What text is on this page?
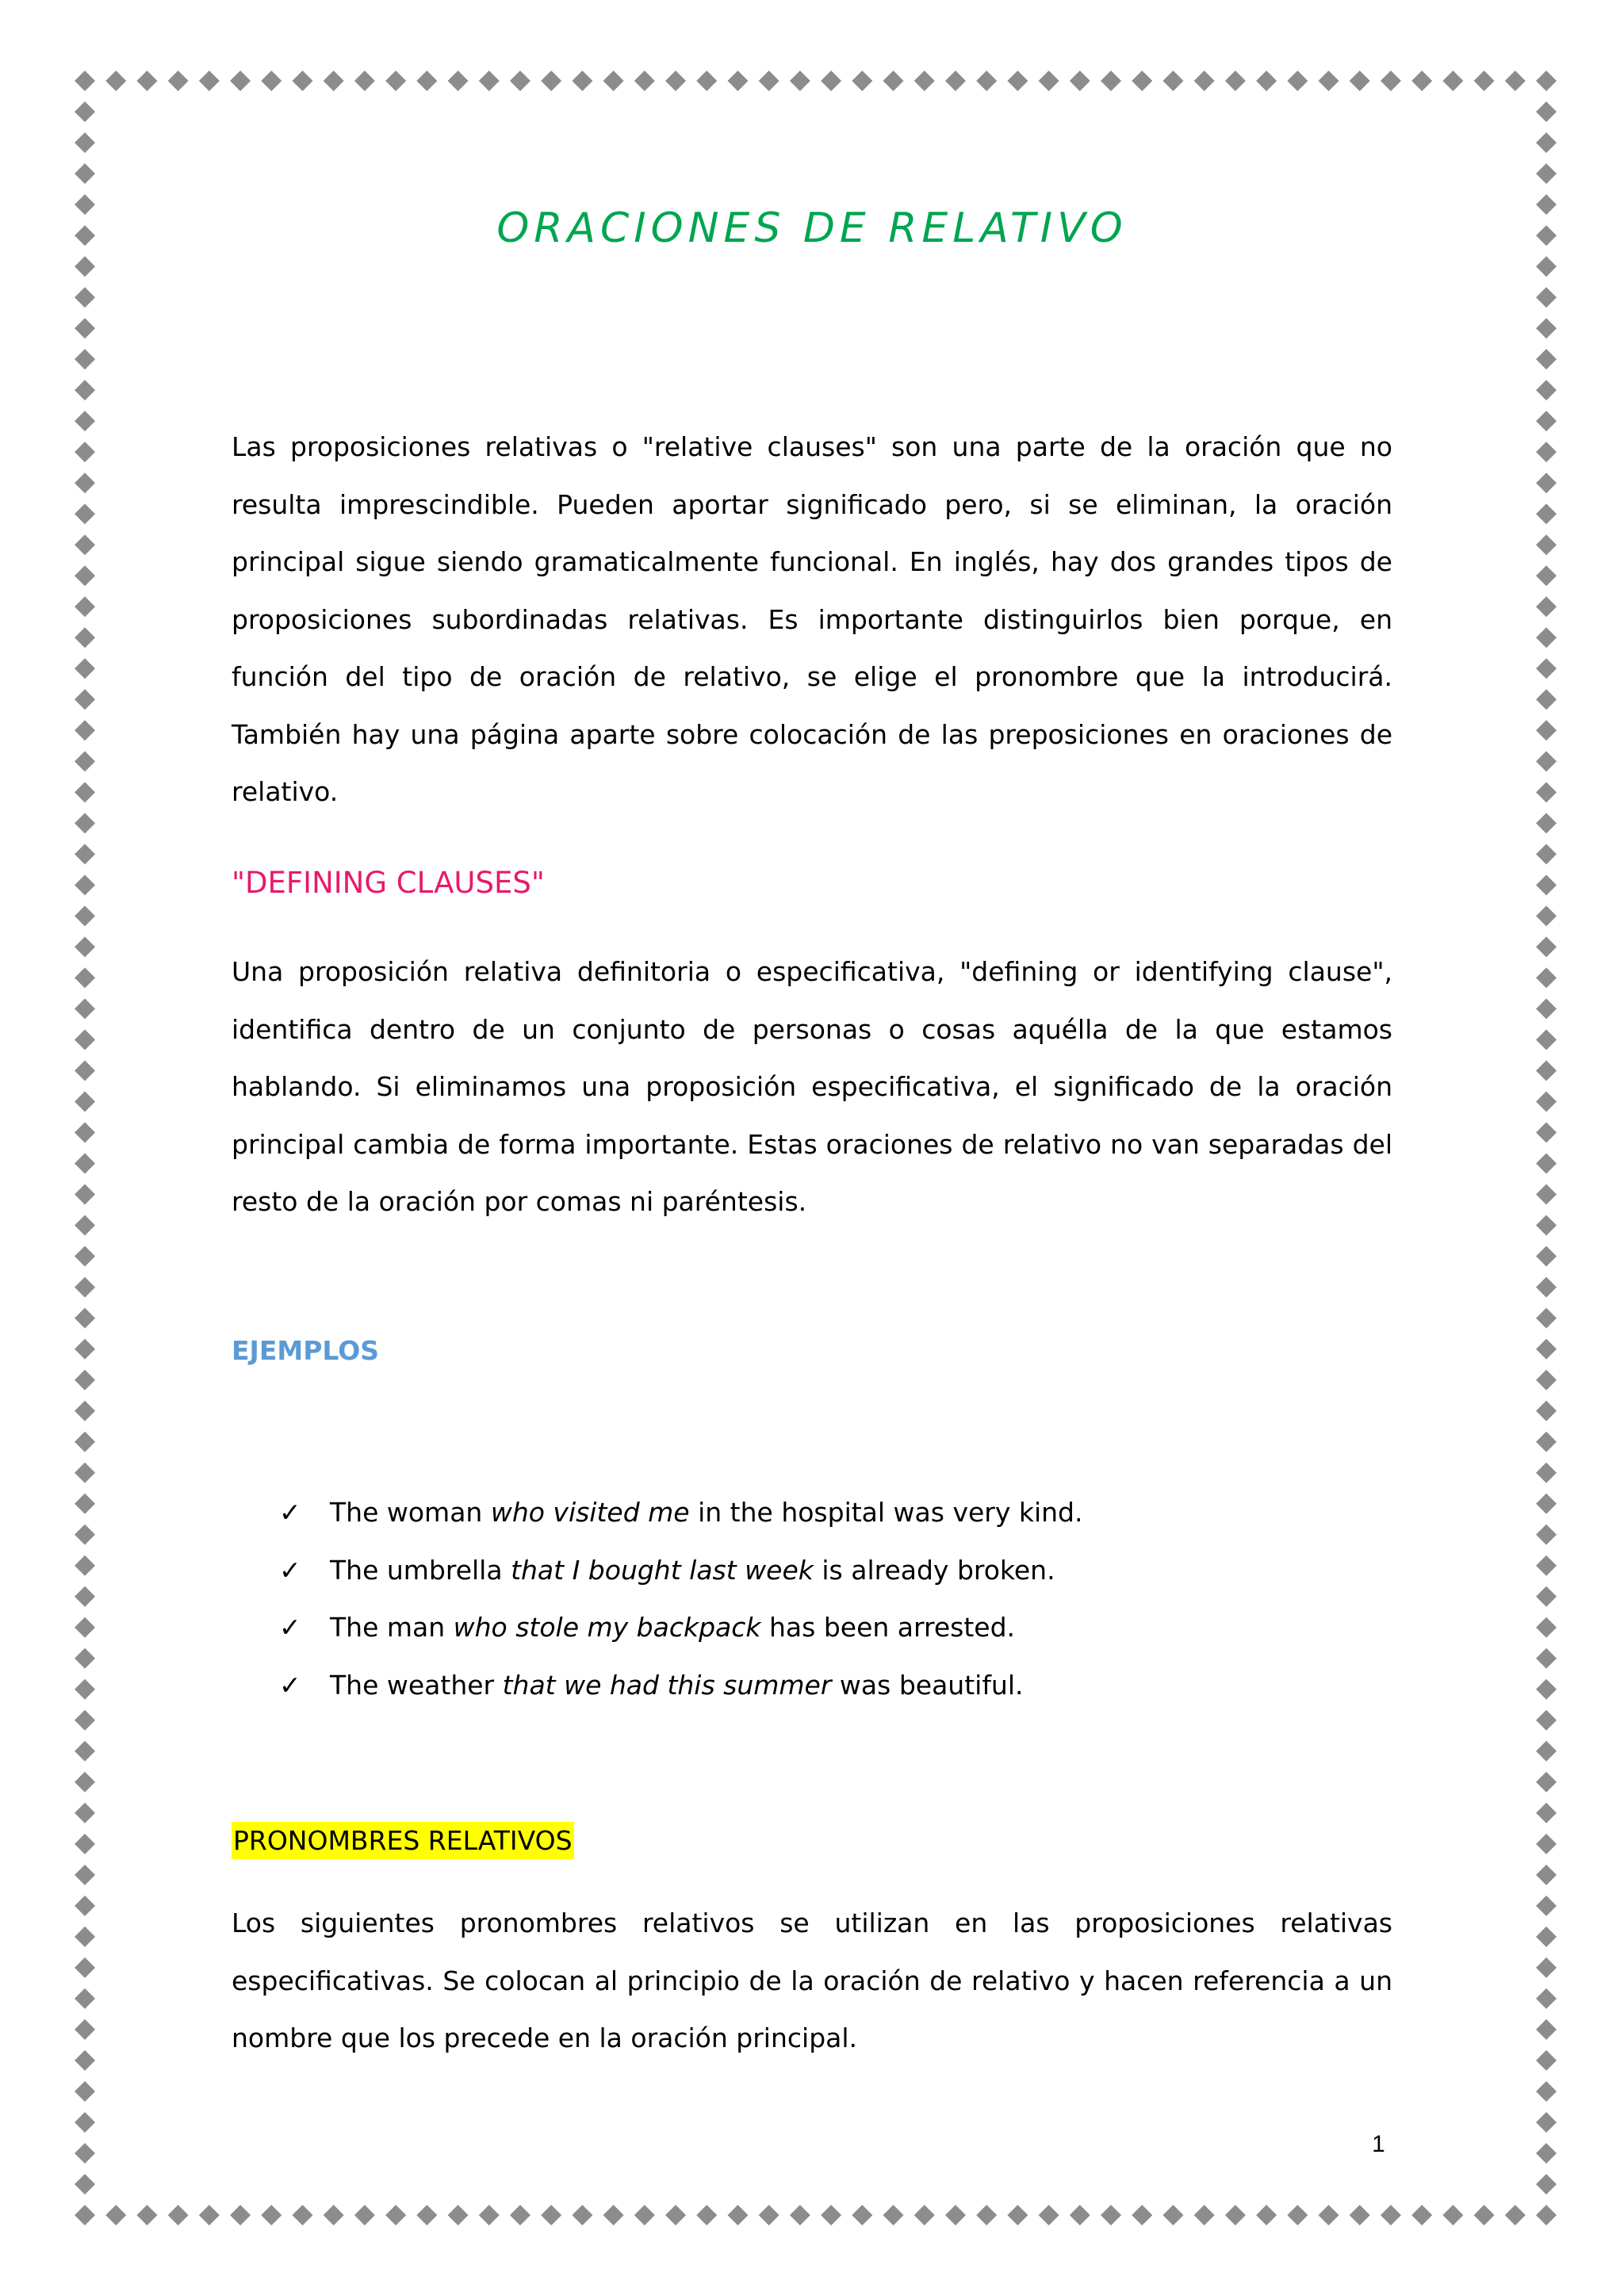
ORACIONES DE RELATIVO

Las proposiciones relativas o "relative clauses" son una parte de la oración que no resulta imprescindible. Pueden aportar significado pero, si se eliminan, la oración principal sigue siendo gramaticalmente funcional. En inglés, hay dos grandes tipos de proposiciones subordinadas relativas. Es importante distinguirlos bien porque, en función del tipo de oración de relativo, se elige el pronombre que la introducirá. También hay una página aparte sobre colocación de las preposiciones en oraciones de relativo.

"DEFINING CLAUSES"

Una proposición relativa definitoria o especificativa, "defining or identifying clause", identifica dentro de un conjunto de personas o cosas aquélla de la que estamos hablando. Si eliminamos una proposición especificativa, el significado de la oración principal cambia de forma importante. Estas oraciones de relativo no van separadas del resto de la oración por comas ni paréntesis.

EJEMPLOS

✓ The woman who visited me in the hospital was very kind.
✓ The umbrella that I bought last week is already broken.
✓ The man who stole my backpack has been arrested.
✓ The weather that we had this summer was beautiful.

PRONOMBRES RELATIVOS

Los siguientes pronombres relativos se utilizan en las proposiciones relativas especificativas. Se colocan al principio de la oración de relativo y hacen referencia a un nombre que los precede en la oración principal.

1
